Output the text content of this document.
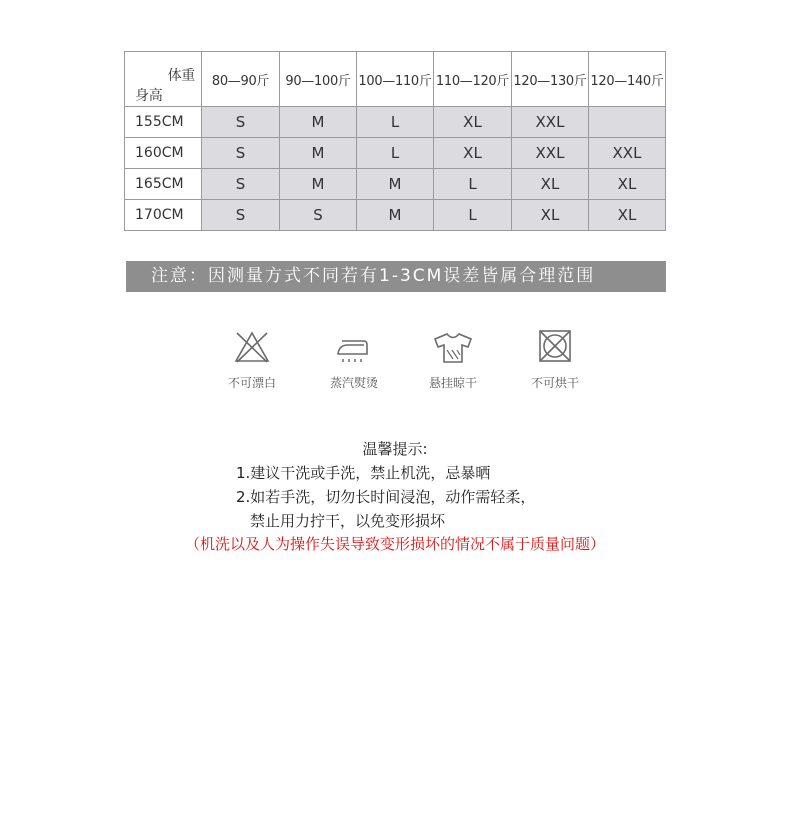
体重
身高	80—90斤	90—100斤	100—110斤	110—120斤	120—130斤	120—140斤
155CM	S	M	L	XL	XXL	
160CM	S	M	L	XL	XXL	XXL
165CM	S	M	M	L	XL	XL
170CM	S	S	M	L	XL	XL
注意：因测量方式不同若有1-3CM误差皆属合理范围
不可漂白	蒸汽熨烫	悬挂晾干	不可烘干
温馨提示:
1.建议干洗或手洗，禁止机洗，忌暴晒
2.如若手洗，切勿长时间浸泡，动作需轻柔，
禁止用力拧干，以免变形损坏
（机洗以及人为操作失误导致变形损坏的情况不属于质量问题）
